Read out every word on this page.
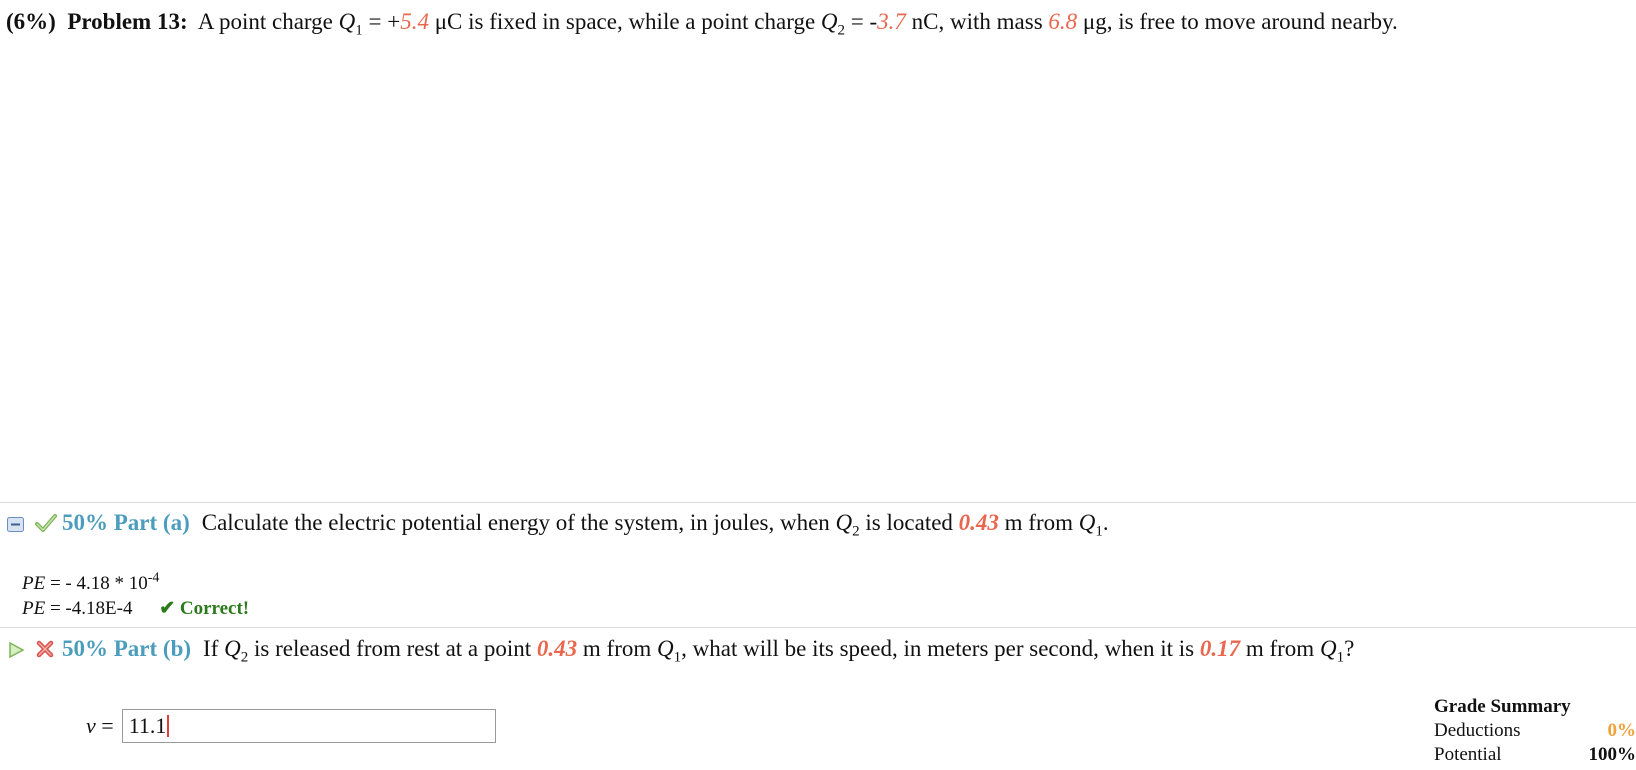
(6%) Problem 13: A point charge $Q_1 = +5.4$ μC is fixed in space, while a point charge $Q_2 = -3.7$ nC, with mass 6.8 μg, is free to move around nearby.
50% Part (a) Calculate the electric potential energy of the system, in joules, when $Q_2$ is located 0.43 m from $Q_1$.
PE = - $4.18 * 10^{-4}$
PE = -4.18E-4 ✔ Correct!
50% Part (b) If $Q_2$ is released from rest at a point 0.43 m from $Q_1$, what will be its speed, in meters per second, when it is 0.17 m from $Q_1$?
v = 11.1
Grade Summary
Deductions	0%
Potential	100%
